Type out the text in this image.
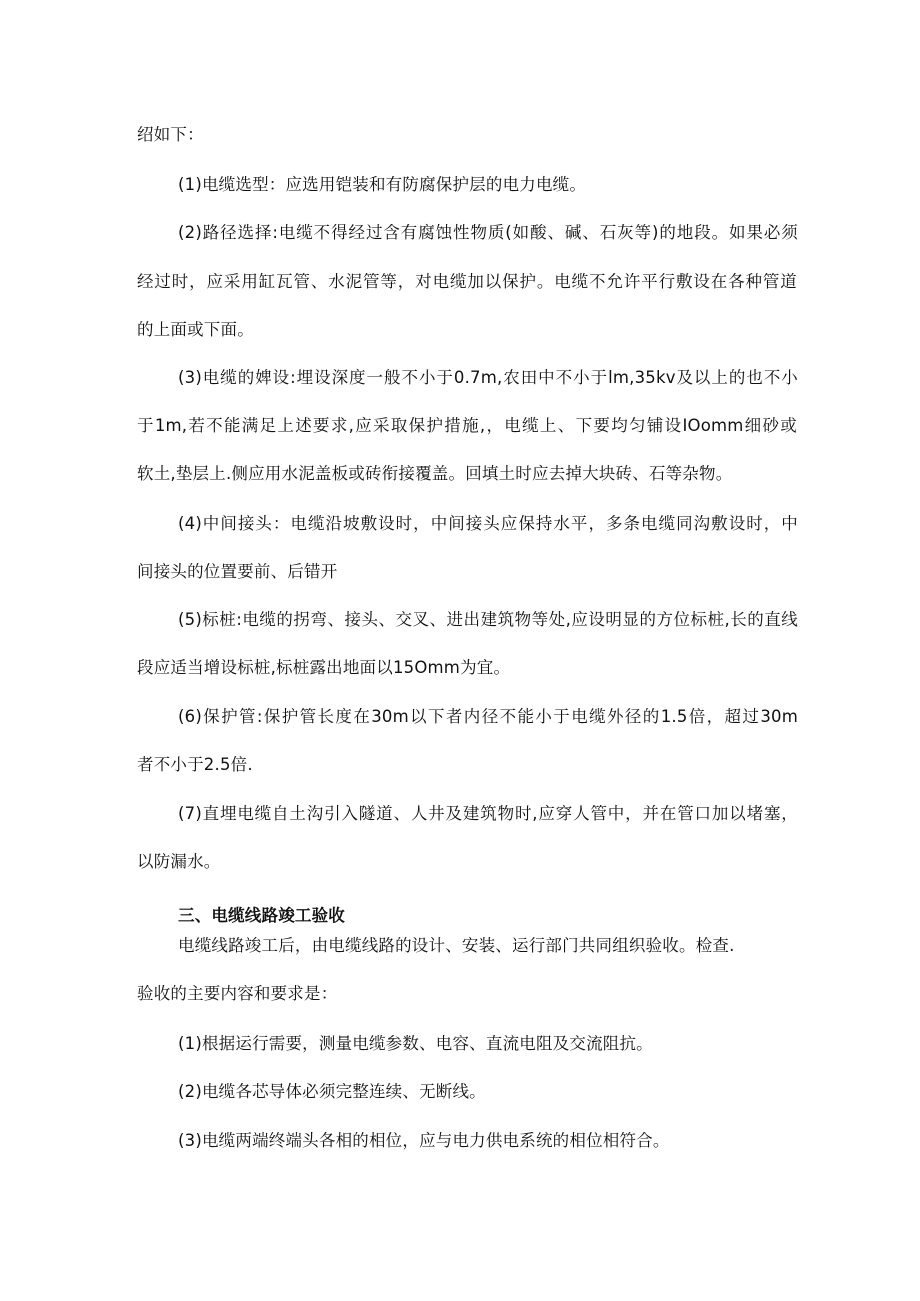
绍如下：
(1)电缆选型：应选用铠装和有防腐保护层的电力电缆。
(2)路径选择:电缆不得经过含有腐蚀性物质(如酸、碱、石灰等)的地段。如果必须
经过时，应采用缸瓦管、水泥管等，对电缆加以保护。电缆不允许平行敷设在各种管道
的上面或下面。
(3)电缆的婢设:埋设深度一般不小于0.7m,农田中不小于lm,35kv及以上的也不小
于1m,若不能满足上述要求,应采取保护措施,，电缆上、下要均匀铺设IOomm细砂或
软土,垫层上.侧应用水泥盖板或砖衔接覆盖。回填土时应去掉大块砖、石等杂物。
(4)中间接头：电缆沿坡敷设时，中间接头应保持水平，多条电缆同沟敷设时，中
间接头的位置要前、后错开
(5)标桩:电缆的拐弯、接头、交叉、进出建筑物等处,应设明显的方位标桩,长的直线
段应适当增设标桩,标桩露出地面以15Omm为宜。
(6)保护管:保护管长度在30m以下者内径不能小于电缆外径的1.5倍，超过30m
者不小于2.5倍.
(7)直埋电缆自土沟引入隧道、人井及建筑物时,应穿人管中，并在管口加以堵塞，
以防漏水。
三、电缆线路竣工验收
电缆线路竣工后，由电缆线路的设计、安装、运行部门共同组织验收。检查.
验收的主要内容和要求是：
(1)根据运行需要，测量电缆参数、电容、直流电阻及交流阻抗。
(2)电缆各芯导体必须完整连续、无断线。
(3)电缆两端终端头各相的相位，应与电力供电系统的相位相符合。
